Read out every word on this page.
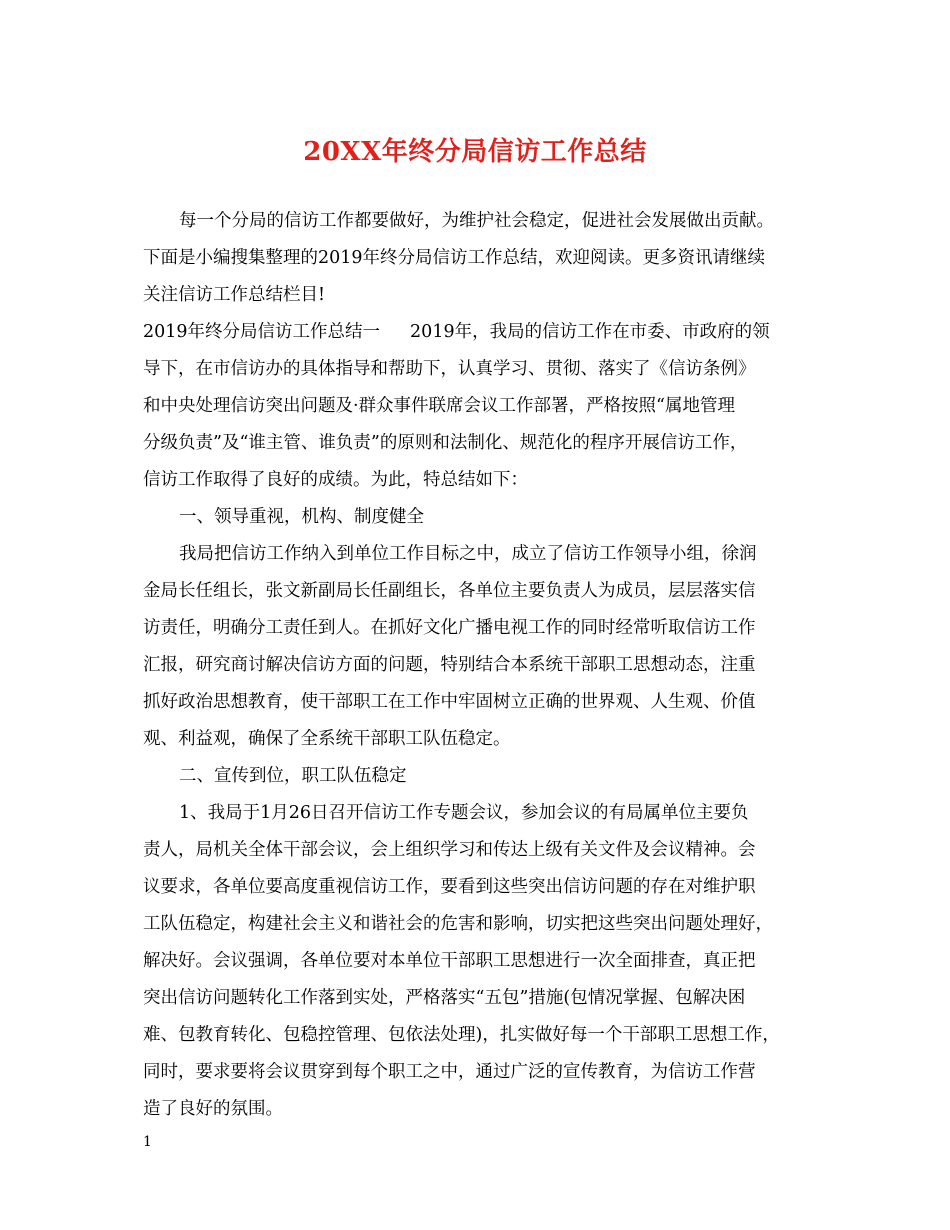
20XX年终分局信访工作总结
每一个分局的信访工作都要做好，为维护社会稳定，促进社会发展做出贡献。
下面是小编搜集整理的2019年终分局信访工作总结，欢迎阅读。更多资讯请继续
关注信访工作总结栏目!
2019年终分局信访工作总结一 2019年，我局的信访工作在市委、市政府的领
导下，在市信访办的具体指导和帮助下，认真学习、贯彻、落实了《信访条例》
和中央处理信访突出问题及·群众事件联席会议工作部署，严格按照“属地管理
分级负责”及“谁主管、谁负责”的原则和法制化、规范化的程序开展信访工作，
信访工作取得了良好的成绩。为此，特总结如下：
一、领导重视，机构、制度健全
我局把信访工作纳入到单位工作目标之中，成立了信访工作领导小组，徐润
金局长任组长，张文新副局长任副组长，各单位主要负责人为成员，层层落实信
访责任，明确分工责任到人。在抓好文化广播电视工作的同时经常听取信访工作
汇报，研究商讨解决信访方面的问题，特别结合本系统干部职工思想动态，注重
抓好政治思想教育，使干部职工在工作中牢固树立正确的世界观、人生观、价值
观、利益观，确保了全系统干部职工队伍稳定。
二、宣传到位，职工队伍稳定
1、我局于1月26日召开信访工作专题会议，参加会议的有局属单位主要负
责人，局机关全体干部会议，会上组织学习和传达上级有关文件及会议精神。会
议要求，各单位要高度重视信访工作，要看到这些突出信访问题的存在对维护职
工队伍稳定，构建社会主义和谐社会的危害和影响，切实把这些突出问题处理好，
解决好。会议强调，各单位要对本单位干部职工思想进行一次全面排查，真正把
突出信访问题转化工作落到实处，严格落实“五包”措施(包情况掌握、包解决困
难、包教育转化、包稳控管理、包依法处理)，扎实做好每一个干部职工思想工作，
同时，要求要将会议贯穿到每个职工之中，通过广泛的宣传教育，为信访工作营
造了良好的氛围。
1
